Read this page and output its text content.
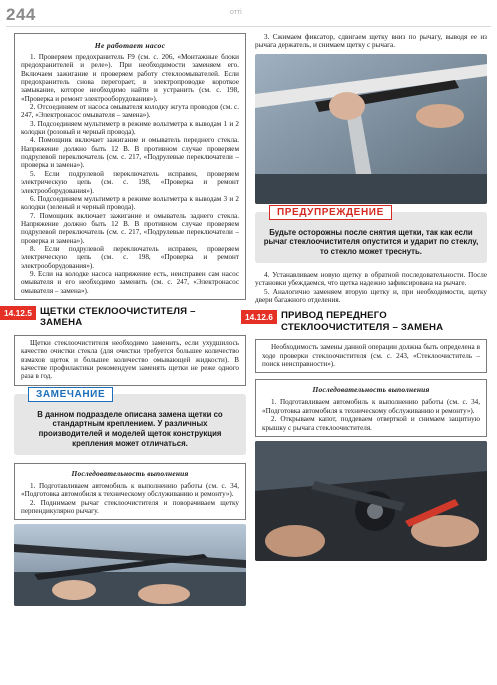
244	отті
Не работает насос

1. Проверяем предохранитель F9 (см. с. 206, «Монтажные блоки предохранителей и реле»). При необходимости заменяем его. Включаем зажигание и проверяем работу стеклоомывателей. Если предохранитель снова перегорает, в электропроводке короткое замыкание, которое необходимо найти и устранить (см. с. 198, «Проверка и ремонт электрооборудования»).

2. Отсоединяем от насоса омывателя колодку жгута проводов (см. с. 247, «Электронасос омывателя – замена»).

3. Подсоединяем мультиметр в режиме вольтметра к выводам 1 и 2 колодки (розовый и черный провода).

4. Помощник включает зажигание и омыватель переднего стекла. Напряжение должно быть 12 В. В противном случае проверяем подрулевой переключатель (см. с. 217, «Подрулевые переключатели – проверка и замена»).

5. Если подрулевой переключатель исправен, проверяем электрическую цепь (см. с. 198, «Проверка и ремонт электрооборудования»).

6. Подсоединяем мультиметр в режиме вольтметра к выводам 3 и 2 колодки (зеленый и черный провода).

7. Помощник включает зажигание и омыватель заднего стекла. Напряжение должно быть 12 В. В противном случае проверяем подрулевой переключатель (см. с. 217, «Подрулевые переключатели – проверка и замена»).

8. Если подрулевой переключатель исправен, проверяем электрическую цепь (см. с. 198, «Проверка и ремонт электрооборудования»).

9. Если на колодке насоса напряжение есть, неисправен сам насос омывателя и его необходимо заменить (см. с. 247, «Электронасос омывателя – замена»).

14.12.5 ЩЕТКИ СТЕКЛООЧИСТИТЕЛЯ –
ЗАМЕНА

Щетки стеклоочистителя необходимо заменить, если ухудшилось качество очистки стекла (для очистки требуется большее количество взмахов щеток и большее количество омывающей жидкости). В качестве профилактики рекомендуем заменять щетки не реже одного раза в год.

ЗАМЕЧАНИЕ

В данном подразделе описана замена щетки со стандартным креплением. У различных производителей и моделей щеток конструкция крепления может отличаться.

Последовательность выполнения

1. Подготавливаем автомобиль к выполнению работы (см. с. 34, «Подготовка автомобиля к техническому обслуживанию и ремонту»).

2. Поднимаем рычаг стеклоочистителя и поворачиваем щетку перпендикулярно рычагу.

3. Сжимаем фиксатор, сдвигаем щетку вниз по рычагу, выводя ее из рычага держатель, и снимаем щетку с рычага.

ПРЕДУПРЕЖДЕНИЕ

Будьте осторожны после снятия щетки, так как если рычаг стеклоочистителя опустится и ударит по стеклу, то стекло может треснуть.

4. Устанавливаем новую щетку в обратной последовательности. После установки убеждаемся, что щетка надежно зафиксирована на рычаге.

5. Аналогично заменяем вторую щетку и, при необходимости, щетку двери багажного отделения.

14.12.6 ПРИВОД ПЕРЕДНЕГО
СТЕКЛООЧИСТИТЕЛЯ – ЗАМЕНА

Необходимость замены данной операции должна быть определена в ходе проверки стеклоочистителя (см. с. 243, «Стеклоочиститель – поиск неисправности»).

Последовательность выполнения

1. Подготавливаем автомобиль к выполнению работы (см. с. 34, «Подготовка автомобиля к техническому обслуживанию и ремонту»).

2. Открываем капот, поддеваем отверткой и снимаем защитную крышку с рычага стеклоочистителя.
